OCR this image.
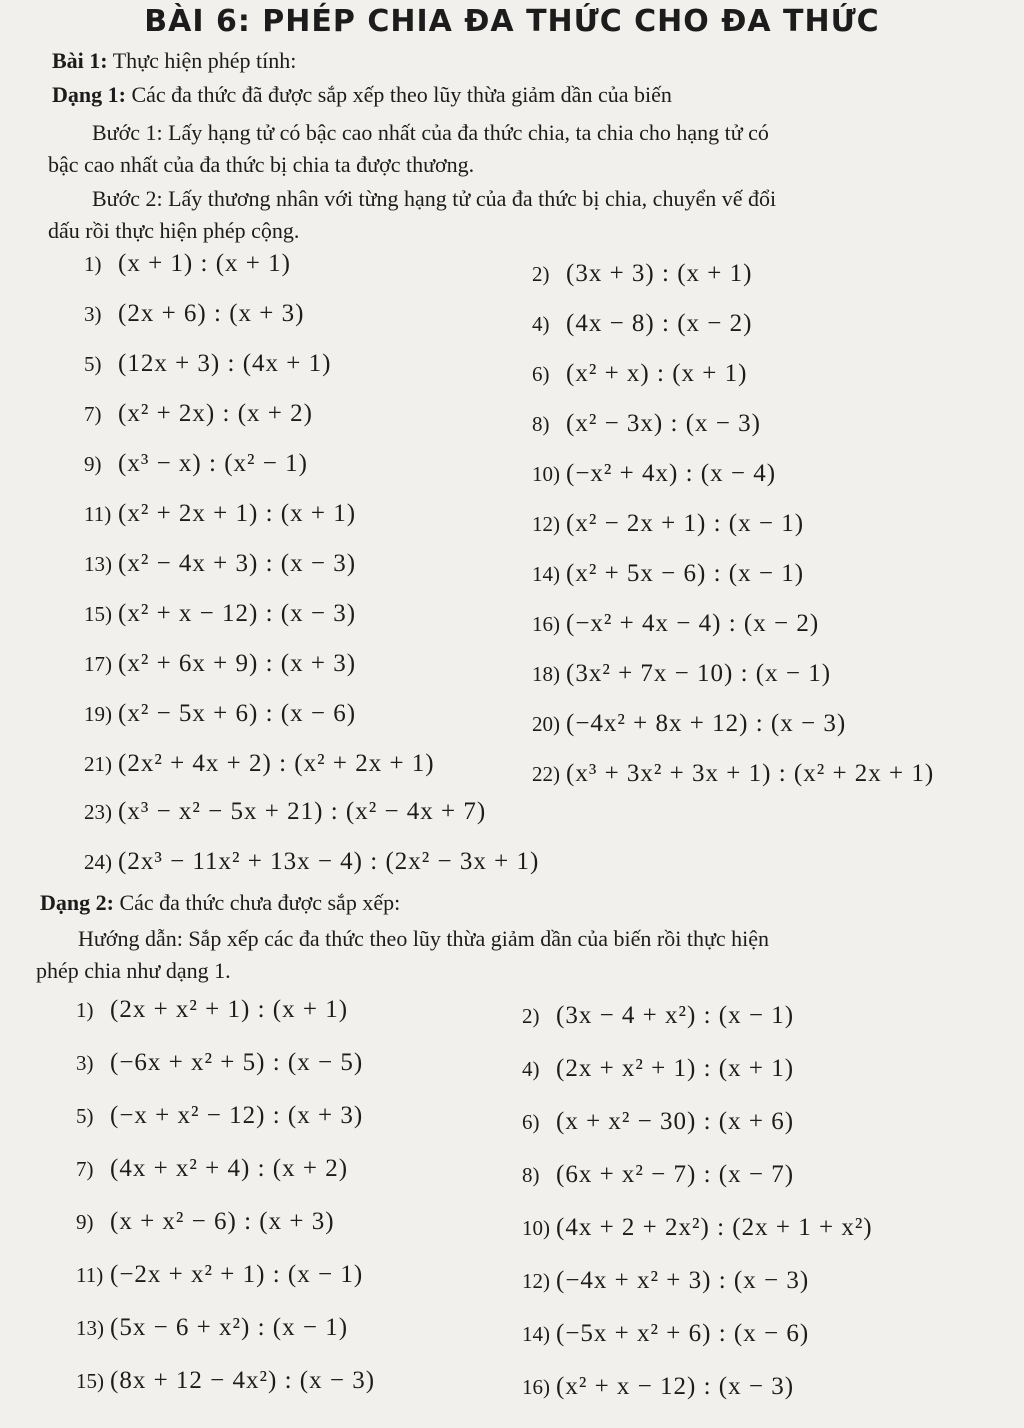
BÀI 6: PHÉP CHIA ĐA THỨC CHO ĐA THỨC
Bài 1: Thực hiện phép tính:
Dạng 1: Các đa thức đã được sắp xếp theo lũy thừa giảm dần của biến
Bước 1: Lấy hạng tử có bậc cao nhất của đa thức chia, ta chia cho hạng tử có
bậc cao nhất của đa thức bị chia ta được thương.
Bước 2: Lấy thương nhân với từng hạng tử của đa thức bị chia, chuyển vế đổi
dấu rồi thực hiện phép cộng.
1) (x + 1) : (x + 1)	2) (3x + 3) : (x + 1)
3) (2x + 6) : (x + 3)	4) (4x − 8) : (x − 2)
5) (12x + 3) : (4x + 1)	6) (x² + x) : (x + 1)
7) (x² + 2x) : (x + 2)	8) (x² − 3x) : (x − 3)
9) (x³ − x) : (x² − 1)	10) (−x² + 4x) : (x − 4)
11) (x² + 2x + 1) : (x + 1)	12) (x² − 2x + 1) : (x − 1)
13) (x² − 4x + 3) : (x − 3)	14) (x² + 5x − 6) : (x − 1)
15) (x² + x − 12) : (x − 3)	16) (−x² + 4x − 4) : (x − 2)
17) (x² + 6x + 9) : (x + 3)	18) (3x² + 7x − 10) : (x − 1)
19) (x² − 5x + 6) : (x − 6)	20) (−4x² + 8x + 12) : (x − 3)
21) (2x² + 4x + 2) : (x² + 2x + 1)	22) (x³ + 3x² + 3x + 1) : (x² + 2x + 1)
23) (x³ − x² − 5x + 21) : (x² − 4x + 7)
24) (2x³ − 11x² + 13x − 4) : (2x² − 3x + 1)
Dạng 2: Các đa thức chưa được sắp xếp:
Hướng dẫn: Sắp xếp các đa thức theo lũy thừa giảm dần của biến rồi thực hiện
phép chia như dạng 1.
1) (2x + x² + 1) : (x + 1)	2) (3x − 4 + x²) : (x − 1)
3) (−6x + x² + 5) : (x − 5)	4) (2x + x² + 1) : (x + 1)
5) (−x + x² − 12) : (x + 3)	6) (x + x² − 30) : (x + 6)
7) (4x + x² + 4) : (x + 2)	8) (6x + x² − 7) : (x − 7)
9) (x + x² − 6) : (x + 3)	10) (4x + 2 + 2x²) : (2x + 1 + x²)
11) (−2x + x² + 1) : (x − 1)	12) (−4x + x² + 3) : (x − 3)
13) (5x − 6 + x²) : (x − 1)	14) (−5x + x² + 6) : (x − 6)
15) (8x + 12 − 4x²) : (x − 3)	16) (x² + x − 12) : (x − 3)
